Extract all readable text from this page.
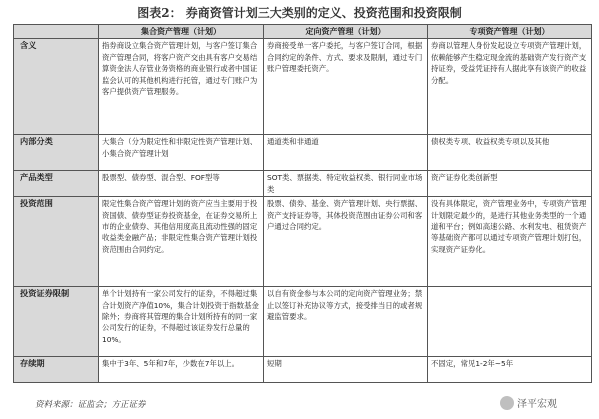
图表2： 券商资管计划三大类别的定义、投资范围和投资限制
	集合资产管理（计划）	定向资产管理（计划）	专项资产管理（计划）
含义	指券商设立集合资产管理计划，与客户签订集合资产管理合同，将客户资产交由具有客户交易结算资金法人存管业务资格的商业银行或者中国证监会认可的其他机构进行托管，通过专门账户为客户提供资产管理服务。	券商接受单一客户委托，与客户签订合同，根据合同约定的条件、方式、要求及限制，通过专门账户管理委托资产。	券商以管理人身份发起设立专项资产管理计划，依赖能够产生稳定现金流的基础资产发行资产支持证券，受益凭证持有人据此享有该资产的收益分配。
内部分类	大集合（分为限定性和非限定性资产管理计划、小集合资产管理计划	通道类和非通道	债权类专项、收益权类专项以及其他
产品类型	股票型、债券型、混合型、FOF型等	SOT类、票据类、特定收益权类、银行同业市场类	资产证券化类创新型
投资范围	限定性集合资产管理计划的资产应当主要用于投资国债、债券型证券投资基金，在证券交易所上市的企业债券、其他信用度高且流动性强的固定收益类金融产品；非限定性集合资产管理计划投资范围由合同约定。	股票、债券、基金、资产管理计划、央行票据、资产支持证券等，其体投资范围由证券公司和客户通过合同约定。	没有具体限定，资产管理业务中，专项资产管理计划限定最少的，是进行其他业务类型的一个通道和平台；例如高速公路、水利发电、租赁资产等基础资产都可以通过专项资产管理计划打包，实现资产证券化。
投资证券限制	单个计划持有一家公司发行的证券，不得超过集合计划资产净值10%，集合计划投资于指数基金除外；券商将其管理的集合计划所持有的同一家公司发行的证券，不得超过该证券发行总量的10%。	以自有资金参与本公司的定向资产管理业务；禁止以签订补充协议等方式，接受排当日的或者规避监管要求。	
存续期	集中于3年、5年和7年，少数在7年以上。	短期	不固定，常见1-2年~5年
资料来源：证监会；方正证券	泽平宏观
